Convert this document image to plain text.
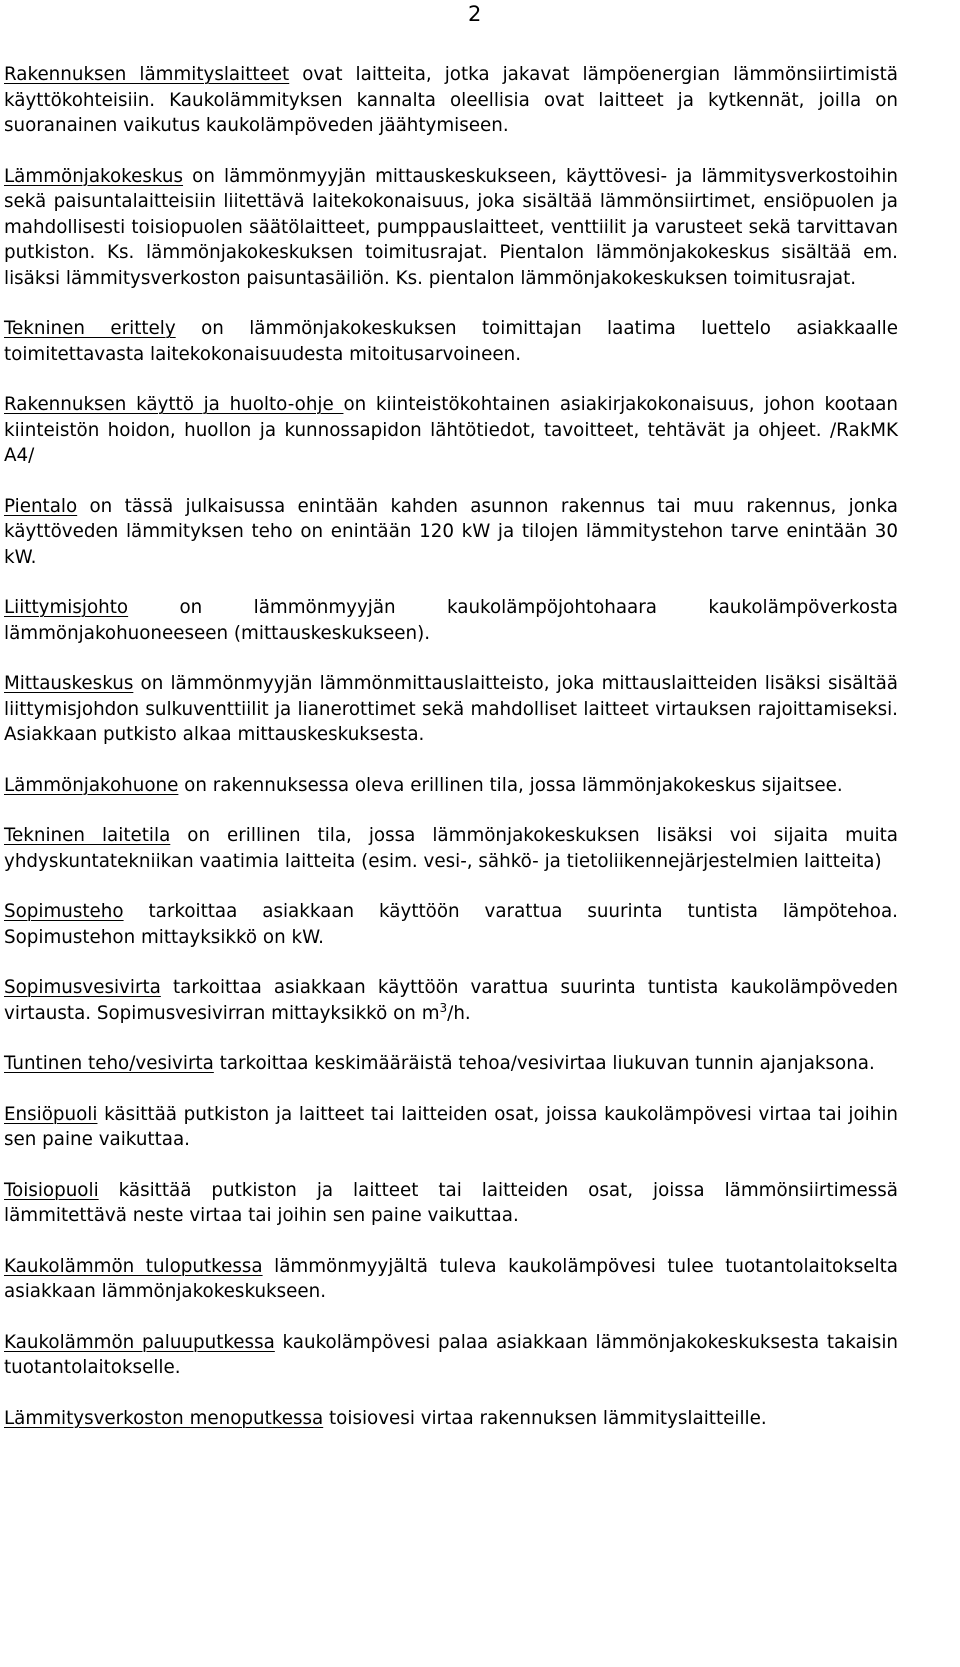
2

Rakennuksen lämmityslaitteet ovat laitteita, jotka jakavat lämpöenergian lämmönsiirtimistä käyttökohteisiin. Kaukolämmityksen kannalta oleellisia ovat laitteet ja kytkennät, joilla on suoranainen vaikutus kaukolämpöveden jäähtymiseen.

Lämmönjakokeskus on lämmönmyyjän mittauskeskukseen, käyttövesi- ja lämmitysverkostoihin sekä paisuntalaitteisiin liitettävä laitekokonaisuus, joka sisältää lämmönsiirtimet, ensiöpuolen ja mahdollisesti toisiopuolen säätölaitteet, pumppauslaitteet, venttiilit ja varusteet sekä tarvittavan putkiston. Ks. lämmönjakokeskuksen toimitusrajat. Pientalon lämmönjakokeskus sisältää em. lisäksi lämmitysverkoston paisuntasäiliön. Ks. pientalon lämmönjakokeskuksen toimitusrajat.

Tekninen erittely on lämmönjakokeskuksen toimittajan laatima luettelo asiakkaalle toimitettavasta laitekokonaisuudesta mitoitusarvoineen.

Rakennuksen käyttö ja huolto-ohje on kiinteistökohtainen asiakirjakokonaisuus, johon kootaan kiinteistön hoidon, huollon ja kunnossapidon lähtötiedot, tavoitteet, tehtävät ja ohjeet. /RakMK A4/

Pientalo on tässä julkaisussa enintään kahden asunnon rakennus tai muu rakennus, jonka käyttöveden lämmityksen teho on enintään 120 kW ja tilojen lämmitystehon tarve enintään 30 kW.

Liittymisjohto on lämmönmyyjän kaukolämpöjohtohaara kaukolämpöverkosta lämmönjakohuoneeseen (mittauskeskukseen).

Mittauskeskus on lämmönmyyjän lämmönmittauslaitteisto, joka mittauslaitteiden lisäksi sisältää liittymisjohdon sulkuventtiilit ja lianerottimet sekä mahdolliset laitteet virtauksen rajoittamiseksi. Asiakkaan putkisto alkaa mittauskeskuksesta.

Lämmönjakohuone on rakennuksessa oleva erillinen tila, jossa lämmönjakokeskus sijaitsee.

Tekninen laitetila on erillinen tila, jossa lämmönjakokeskuksen lisäksi voi sijaita muita yhdyskuntatekniikan vaatimia laitteita (esim. vesi-, sähkö- ja tietoliikennejärjestelmien laitteita)

Sopimusteho tarkoittaa asiakkaan käyttöön varattua suurinta tuntista lämpötehoa. Sopimustehon mittayksikkö on kW.

Sopimusvesivirta tarkoittaa asiakkaan käyttöön varattua suurinta tuntista kaukolämpöveden virtausta. Sopimusvesivirran mittayksikkö on $m^3/h$.

Tuntinen teho/vesivirta tarkoittaa keskimääräistä tehoa/vesivirtaa liukuvan tunnin ajanjaksona.

Ensiöpuoli käsittää putkiston ja laitteet tai laitteiden osat, joissa kaukolämpövesi virtaa tai joihin sen paine vaikuttaa.

Toisiopuoli käsittää putkiston ja laitteet tai laitteiden osat, joissa lämmönsiirtimessä lämmitettävä neste virtaa tai joihin sen paine vaikuttaa.

Kaukolämmön tuloputkessa lämmönmyyjältä tuleva kaukolämpövesi tulee tuotantolaitokselta asiakkaan lämmönjakokeskukseen.

Kaukolämmön paluuputkessa kaukolämpövesi palaa asiakkaan lämmönjakokeskuksesta takaisin tuotantolaitokselle.

Lämmitysverkoston menoputkessa toisiovesi virtaa rakennuksen lämmityslaitteille.
